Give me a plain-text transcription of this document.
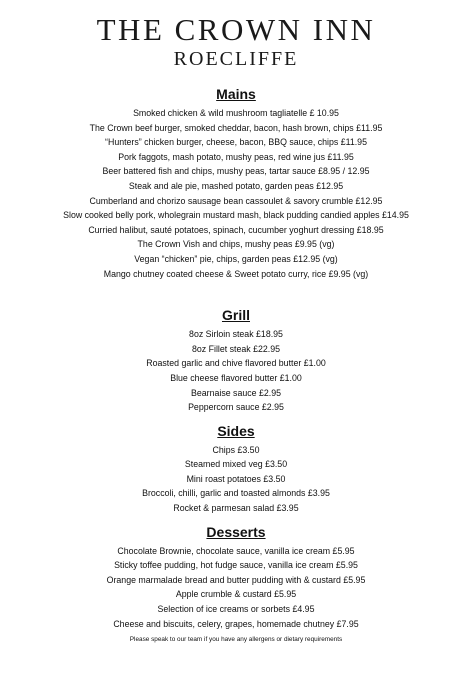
THE CROWN INN
ROECLIFFE
Mains
Smoked chicken & wild mushroom tagliatelle £ 10.95
The Crown beef burger, smoked cheddar, bacon, hash brown, chips £11.95
“Hunters” chicken burger, cheese, bacon, BBQ sauce, chips £11.95
Pork faggots, mash potato, mushy peas, red wine jus £11.95
Beer battered fish and chips, mushy peas, tartar sauce £8.95 / 12.95
Steak and ale pie, mashed potato, garden peas £12.95
Cumberland and chorizo sausage bean cassoulet & savory crumble £12.95
Slow cooked belly pork, wholegrain mustard mash, black pudding candied apples £14.95
Curried halibut, sauté potatoes, spinach, cucumber yoghurt dressing £18.95
The Crown Vish and chips, mushy peas £9.95 (vg)
Vegan “chicken” pie, chips, garden peas £12.95 (vg)
Mango chutney coated cheese & Sweet potato curry, rice £9.95 (vg)
Grill
8oz Sirloin steak £18.95
8oz Fillet steak £22.95
Roasted garlic and chive flavored butter £1.00
Blue cheese flavored butter £1.00
Bearnaise sauce £2.95
Peppercorn sauce £2.95
Sides
Chips £3.50
Steamed mixed veg £3.50
Mini roast potatoes £3.50
Broccoli, chilli, garlic and toasted almonds £3.95
Rocket & parmesan salad £3.95
Desserts
Chocolate Brownie, chocolate sauce, vanilla ice cream £5.95
Sticky toffee pudding, hot fudge sauce, vanilla ice cream £5.95
Orange marmalade bread and butter pudding with & custard £5.95
Apple crumble & custard £5.95
Selection of ice creams or sorbets £4.95
Cheese and biscuits, celery, grapes, homemade chutney £7.95
Please speak to our team if you have any allergens or dietary requirements
